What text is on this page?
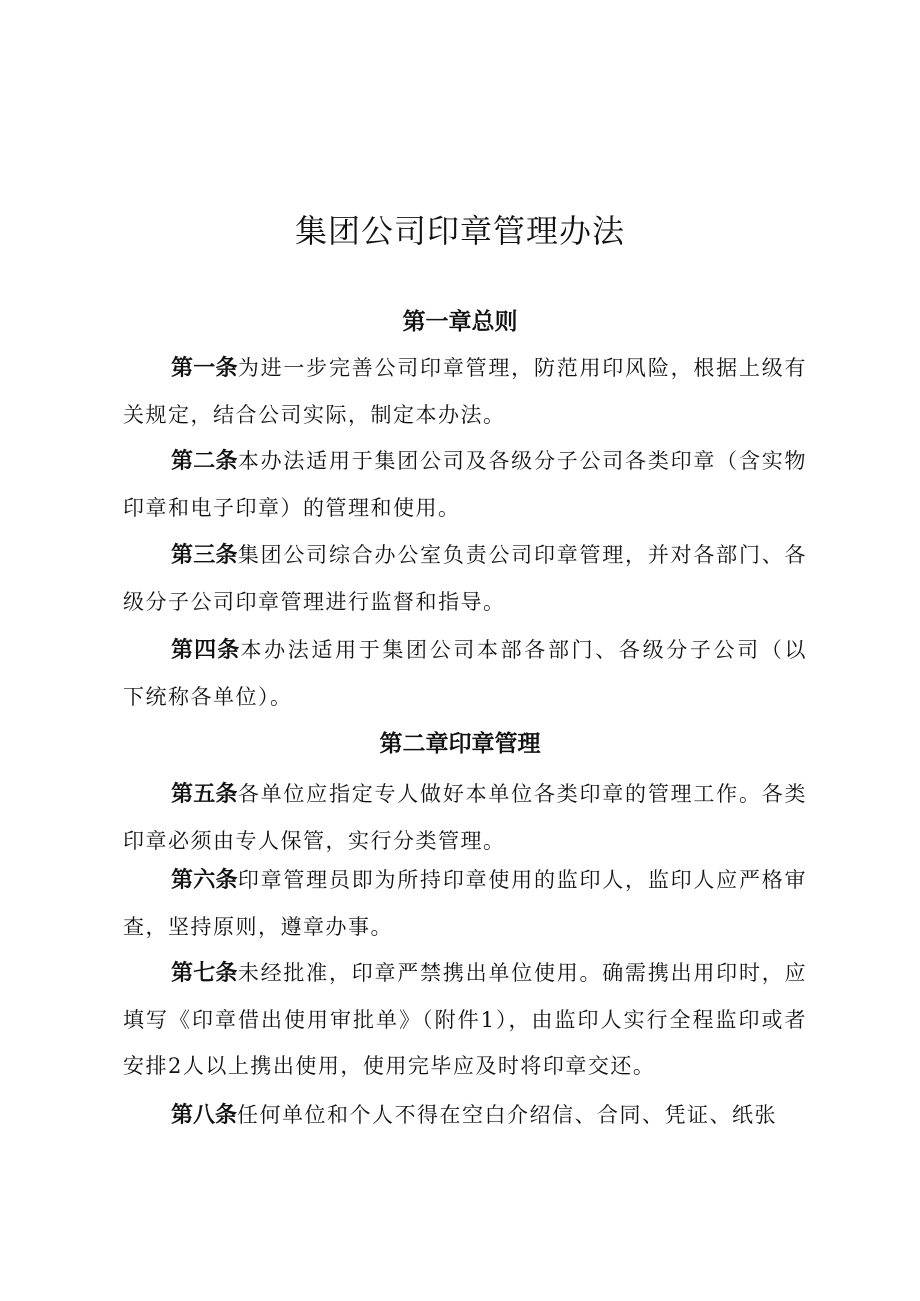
集团公司印章管理办法
第一章总则

第一条为进一步完善公司印章管理，防范用印风险，根据上级有关规定，结合公司实际，制定本办法。

第二条本办法适用于集团公司及各级分子公司各类印章（含实物印章和电子印章）的管理和使用。

第三条集团公司综合办公室负责公司印章管理，并对各部门、各级分子公司印章管理进行监督和指导。

第四条本办法适用于集团公司本部各部门、各级分子公司（以 下统称各单位）。

第二章印章管理

第五条各单位应指定专人做好本单位各类印章的管理工作。各类印章必须由专人保管，实行分类管理。

第六条印章管理员即为所持印章使用的监印人，监印人应严格审查，坚持原则，遵章办事。

第七条未经批准，印章严禁携出单位使用。确需携出用印时，应填写《印章借出使用审批单》（附件1），由监印人实行全程监印或者安排2人以上携出使用，使用完毕应及时将印章交还。

第八条任何单位和个人不得在空白介绍信、合同、凭证、纸张
